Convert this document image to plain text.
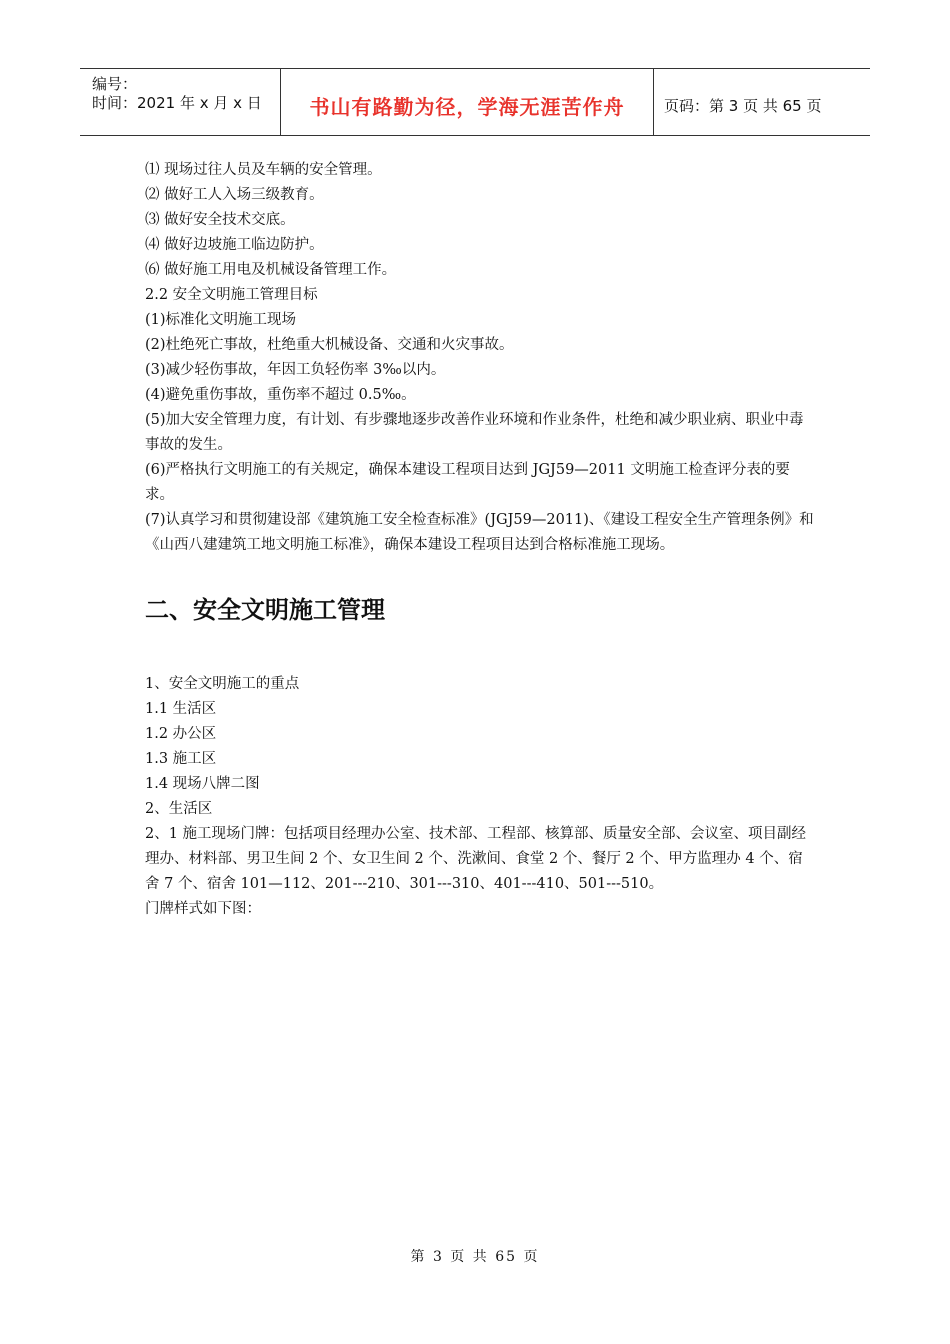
编号：
时间：2021 年 x 月 x 日	书山有路勤为径，学海无涯苦作舟	页码：第 3 页 共 65 页

⑴ 现场过往人员及车辆的安全管理。

⑵ 做好工人入场三级教育。

⑶ 做好安全技术交底。

⑷ 做好边坡施工临边防护。

⑹ 做好施工用电及机械设备管理工作。

2.2 安全文明施工管理目标

(1)标准化文明施工现场

(2)杜绝死亡事故，杜绝重大机械设备、交通和火灾事故。

(3)减少轻伤事故，年因工负轻伤率 3‰以内。

(4)避免重伤事故，重伤率不超过 0.5‰。

(5)加大安全管理力度，有计划、有步骤地逐步改善作业环境和作业条件，杜绝和减少职业病、职业中毒事故的发生。

(6)严格执行文明施工的有关规定，确保本建设工程项目达到 JGJ59—2011 文明施工检查评分表的要求。

(7)认真学习和贯彻建设部《建筑施工安全检查标准》(JGJ59—2011)、《建设工程安全生产管理条例》和《山西八建建筑工地文明施工标准》，确保本建设工程项目达到合格标准施工现场。

二、安全文明施工管理

1、安全文明施工的重点

1.1 生活区

1.2 办公区

1.3 施工区

1.4 现场八牌二图

2、生活区

2、1 施工现场门牌：包括项目经理办公室、技术部、工程部、核算部、质量安全部、会议室、项目副经理办、材料部、男卫生间 2 个、女卫生间 2 个、洗漱间、食堂 2 个、餐厅 2 个、甲方监理办 4 个、宿舍 7 个、宿舍 101—112、201---210、301---310、401---410、501---510。

门牌样式如下图：

第 3 页 共 65 页
